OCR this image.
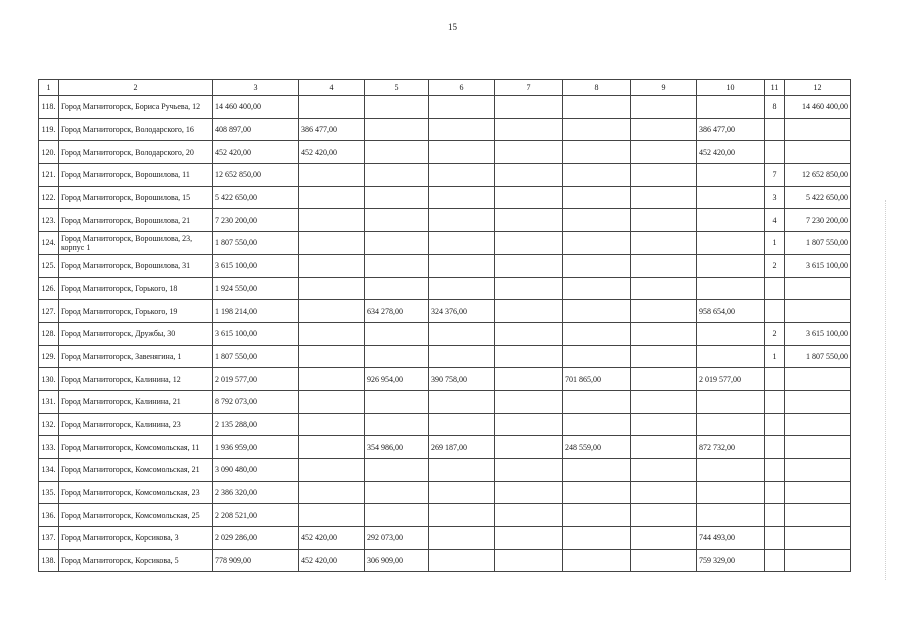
15
1	2	3	4	5	6	7	8	9	10	11	12
118.	Город Магнитогорск, Бориса Ручьева, 12	14 460 400,00								8	14 460 400,00
119.	Город Магнитогорск, Володарского, 16	408 897,00	386 477,00						386 477,00		
120.	Город Магнитогорск, Володарского, 20	452 420,00	452 420,00						452 420,00		
121.	Город Магнитогорск, Ворошилова, 11	12 652 850,00								7	12 652 850,00
122.	Город Магнитогорск, Ворошилова, 15	5 422 650,00								3	5 422 650,00
123.	Город Магнитогорск, Ворошилова, 21	7 230 200,00								4	7 230 200,00
124.	Город Магнитогорск, Ворошилова, 23, корпус 1	1 807 550,00								1	1 807 550,00
125.	Город Магнитогорск, Ворошилова, 31	3 615 100,00								2	3 615 100,00
126.	Город Магнитогорск, Горького, 18	1 924 550,00									
127.	Город Магнитогорск, Горького, 19	1 198 214,00		634 278,00	324 376,00				958 654,00		
128.	Город Магнитогорск, Дружбы, 30	3 615 100,00								2	3 615 100,00
129.	Город Магнитогорск, Завенягина, 1	1 807 550,00								1	1 807 550,00
130.	Город Магнитогорск, Калинина, 12	2 019 577,00		926 954,00	390 758,00		701 865,00		2 019 577,00		
131.	Город Магнитогорск, Калинина, 21	8 792 073,00									
132.	Город Магнитогорск, Калинина, 23	2 135 288,00									
133.	Город Магнитогорск, Комсомольская, 11	1 936 959,00		354 986,00	269 187,00		248 559,00		872 732,00		
134.	Город Магнитогорск, Комсомольская, 21	3 090 480,00									
135.	Город Магнитогорск, Комсомольская, 23	2 386 320,00									
136.	Город Магнитогорск, Комсомольская, 25	2 208 521,00									
137.	Город Магнитогорск, Корсикова, 3	2 029 286,00	452 420,00	292 073,00					744 493,00		
138.	Город Магнитогорск, Корсикова, 5	778 909,00	452 420,00	306 909,00					759 329,00		
